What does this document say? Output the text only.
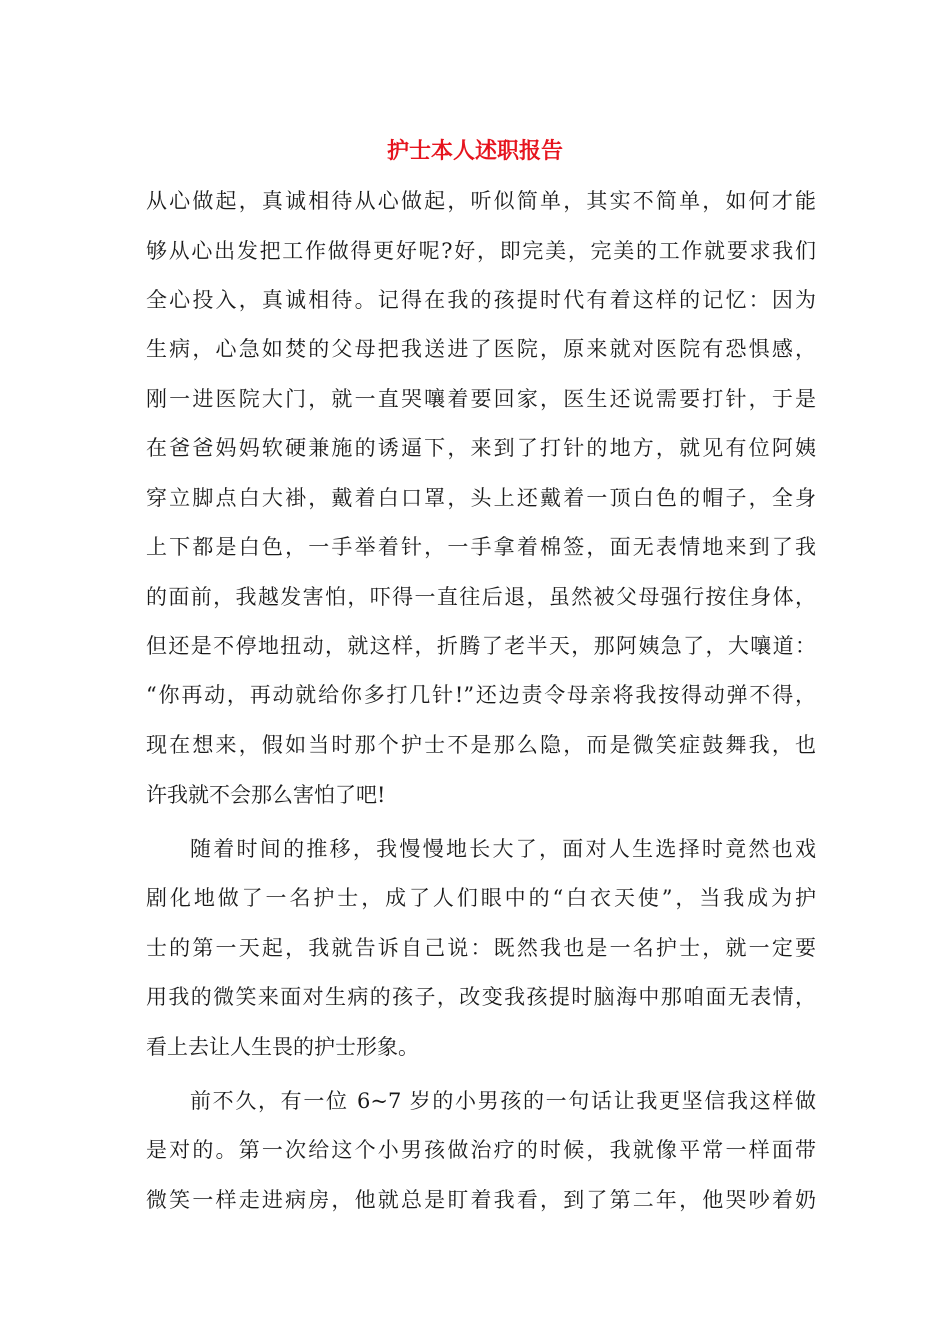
护士本人述职报告
从心做起，真诚相待从心做起，听似简单，其实不简单，如何才能
够从心出发把工作做得更好呢?好，即完美，完美的工作就要求我们
全心投入，真诚相待。记得在我的孩提时代有着这样的记忆：因为
生病，心急如焚的父母把我送进了医院，原来就对医院有恐惧感，
刚一进医院大门，就一直哭嚷着要回家，医生还说需要打针，于是
在爸爸妈妈软硬兼施的诱逼下，来到了打针的地方，就见有位阿姨
穿立脚点白大褂，戴着白口罩，头上还戴着一顶白色的帽子，全身
上下都是白色，一手举着针，一手拿着棉签，面无表情地来到了我
的面前，我越发害怕，吓得一直往后退，虽然被父母强行按住身体，
但还是不停地扭动，就这样，折腾了老半天，那阿姨急了，大嚷道：
“你再动，再动就给你多打几针!”还边责令母亲将我按得动弹不得，
现在想来，假如当时那个护士不是那么隐，而是微笑症鼓舞我，也
许我就不会那么害怕了吧!
随着时间的推移，我慢慢地长大了，面对人生选择时竟然也戏
剧化地做了一名护士，成了人们眼中的“白衣天使”，当我成为护
士的第一天起，我就告诉自己说：既然我也是一名护士，就一定要
用我的微笑来面对生病的孩子，改变我孩提时脑海中那咱面无表情，
看上去让人生畏的护士形象。
前不久，有一位 6~7 岁的小男孩的一句话让我更坚信我这样做
是对的。第一次给这个小男孩做治疗的时候，我就像平常一样面带
微笑一样走进病房，他就总是盯着我看，到了第二年，他哭吵着奶
